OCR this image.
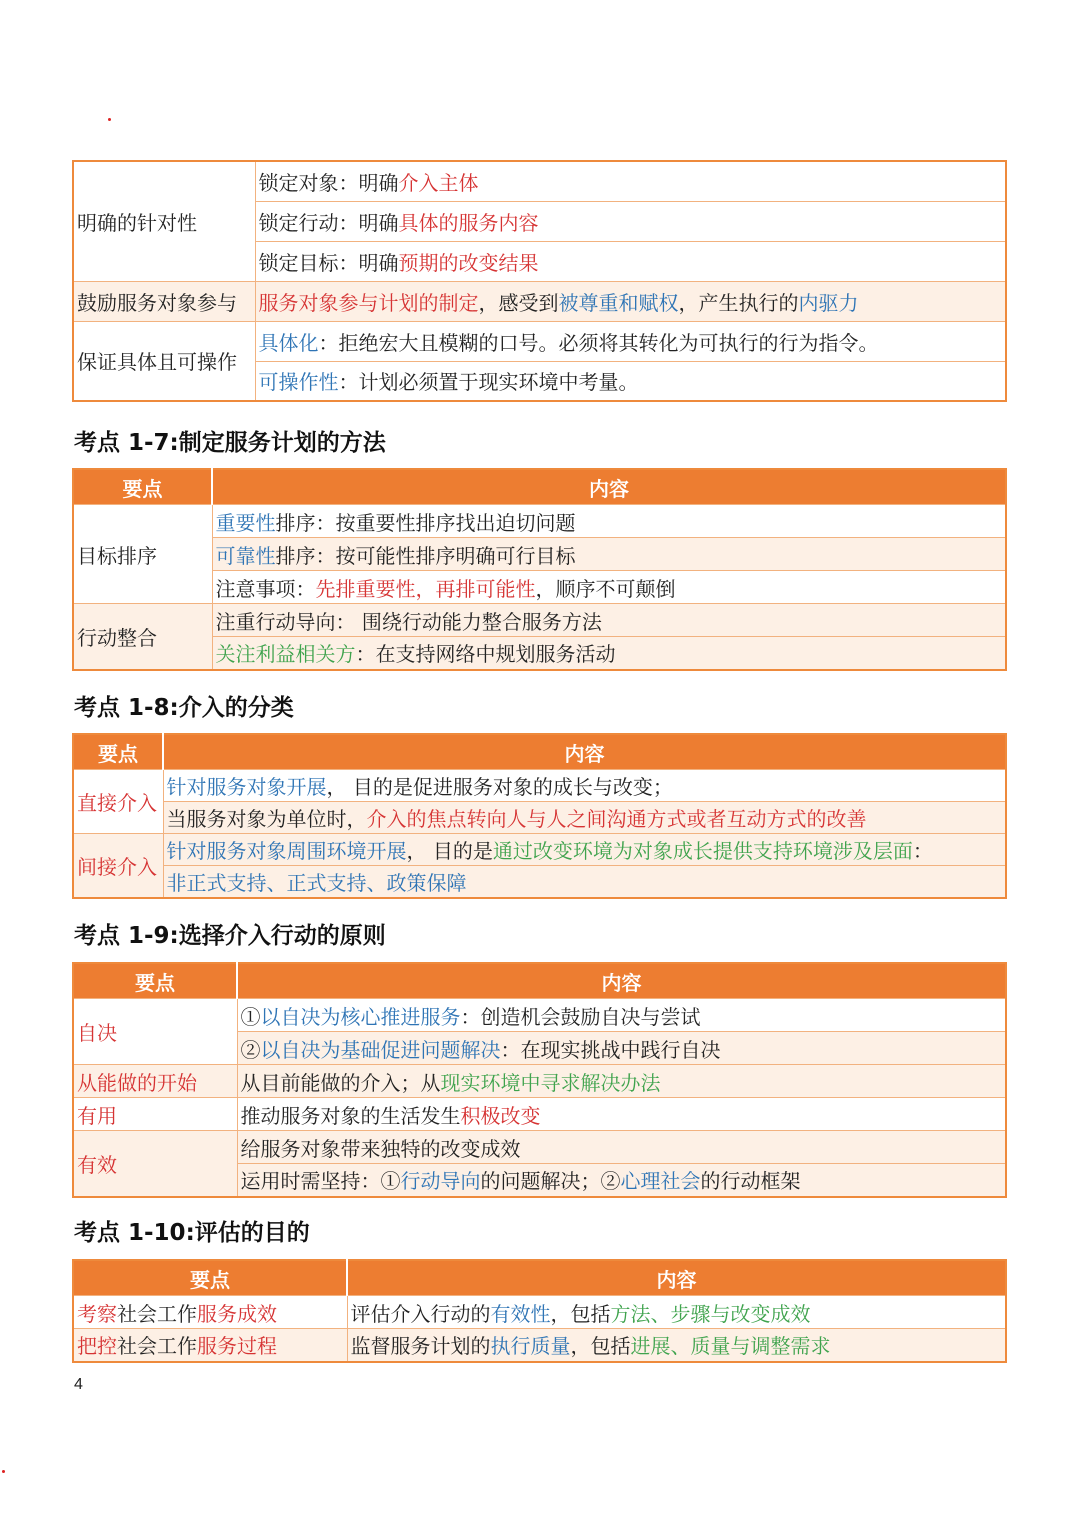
明确的针对性	锁定对象：明确介入主体
	锁定行动：明确具体的服务内容
	锁定目标：明确预期的改变结果
鼓励服务对象参与	服务对象参与计划的制定，感受到被尊重和赋权，产生执行的内驱力
保证具体且可操作	具体化：拒绝宏大且模糊的口号。必须将其转化为可执行的行为指令。
	可操作性：计划必须置于现实环境中考量。
考点 1-7:制定服务计划的方法
要点	内容
目标排序	重要性排序：按重要性排序找出迫切问题
	可靠性排序：按可能性排序明确可行目标
	注意事项：先排重要性，再排可能性，顺序不可颠倒
行动整合	注重行动导向： 围绕行动能力整合服务方法
	关注利益相关方：在支持网络中规划服务活动
考点 1-8:介入的分类
要点	内容
直接介入	针对服务对象开展， 目的是促进服务对象的成长与改变；
	当服务对象为单位时，介入的焦点转向人与人之间沟通方式或者互动方式的改善
间接介入	针对服务对象周围环境开展， 目的是通过改变环境为对象成长提供支持环境涉及层面：
	非正式支持、正式支持、政策保障
考点 1-9:选择介入行动的原则
要点	内容
自决	①以自决为核心推进服务：创造机会鼓励自决与尝试
	②以自决为基础促进问题解决：在现实挑战中践行自决
从能做的开始	从目前能做的介入；从现实环境中寻求解决办法
有用	推动服务对象的生活发生积极改变
有效	给服务对象带来独特的改变成效
	运用时需坚持：①行动导向的问题解决；②心理社会的行动框架
考点 1-10:评估的目的
要点	内容
考察社会工作服务成效	评估介入行动的有效性，包括方法、步骤与改变成效
把控社会工作服务过程	监督服务计划的执行质量，包括进展、质量与调整需求
4
